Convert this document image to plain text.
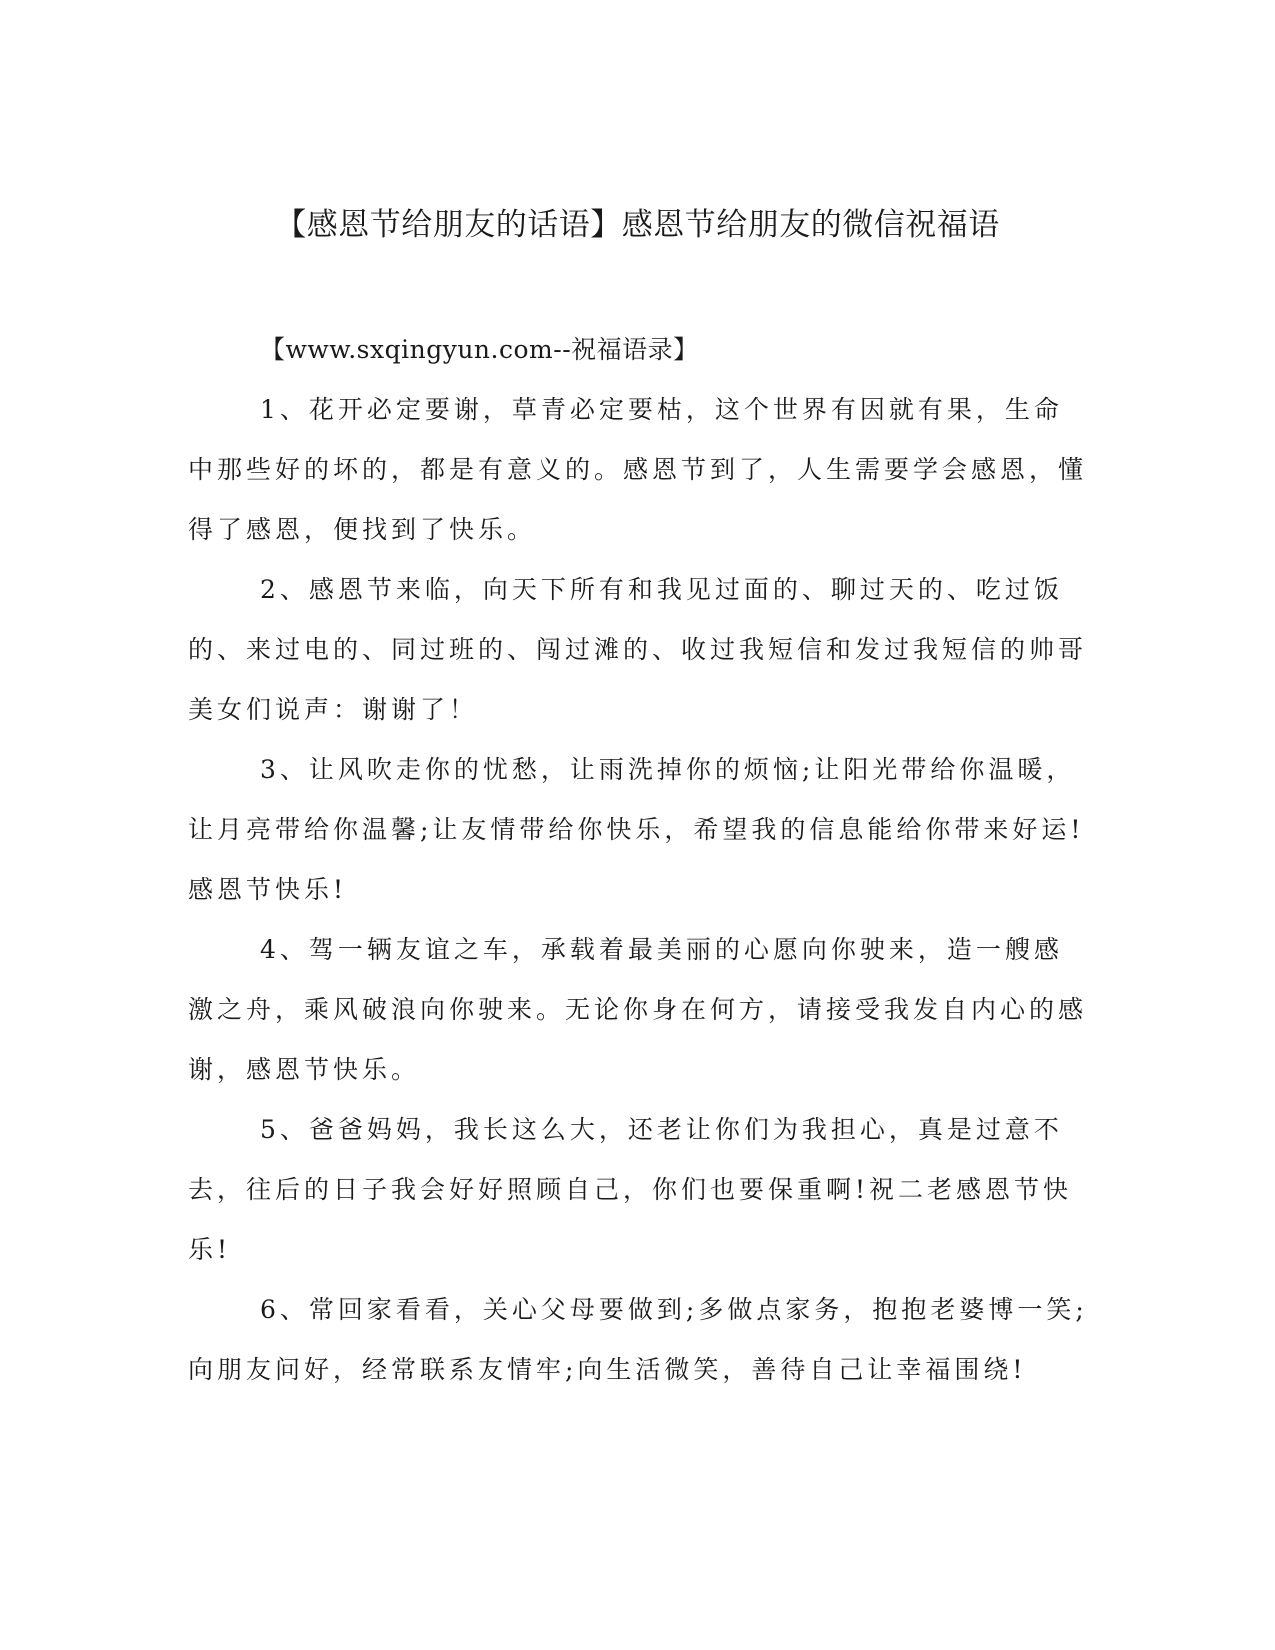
【感恩节给朋友的话语】感恩节给朋友的微信祝福语

【www.sxqingyun.com--祝福语录】

1、花开必定要谢，草青必定要枯，这个世界有因就有果，生命中那些好的坏的，都是有意义的。感恩节到了，人生需要学会感恩，懂得了感恩，便找到了快乐。

2、感恩节来临，向天下所有和我见过面的、聊过天的、吃过饭的、来过电的、同过班的、闯过滩的、收过我短信和发过我短信的帅哥美女们说声：谢谢了！

3、让风吹走你的忧愁，让雨洗掉你的烦恼;让阳光带给你温暖，让月亮带给你温馨;让友情带给你快乐，希望我的信息能给你带来好运!感恩节快乐!

4、驾一辆友谊之车，承载着最美丽的心愿向你驶来，造一艘感激之舟，乘风破浪向你驶来。无论你身在何方，请接受我发自内心的感谢，感恩节快乐。

5、爸爸妈妈，我长这么大，还老让你们为我担心，真是过意不去，往后的日子我会好好照顾自己，你们也要保重啊!祝二老感恩节快乐!

6、常回家看看，关心父母要做到;多做点家务，抱抱老婆博一笑;向朋友问好，经常联系友情牢;向生活微笑，善待自己让幸福围绕!
